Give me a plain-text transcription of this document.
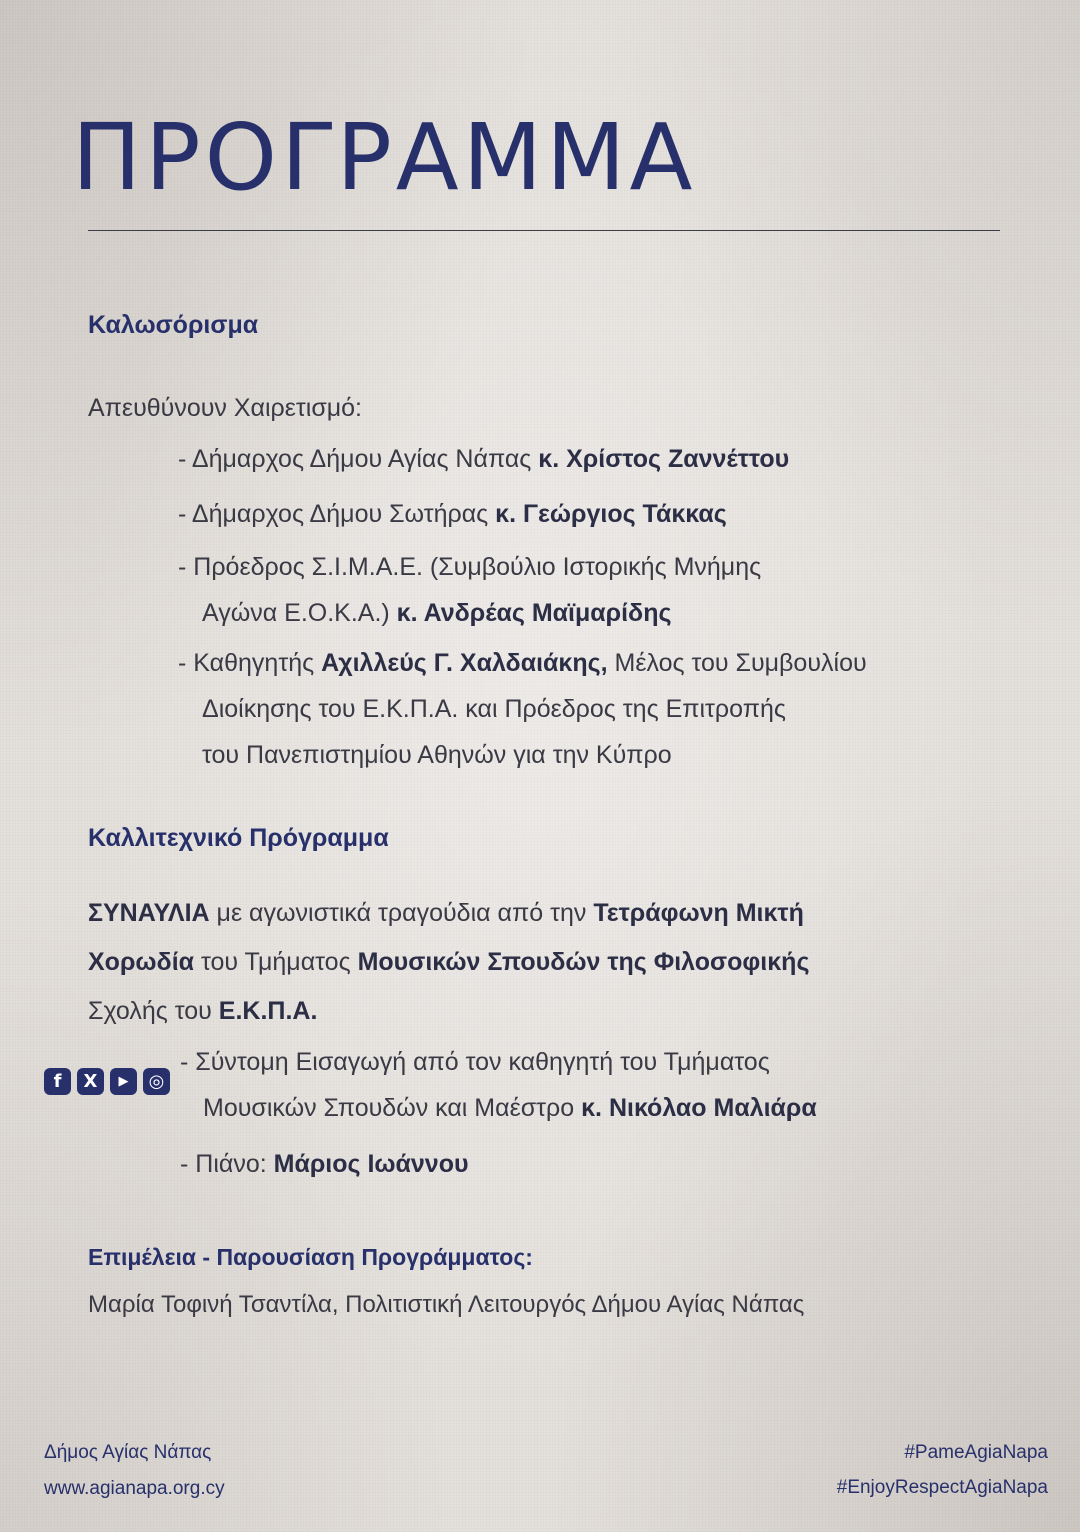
ΠΡΟΓΡΑΜΜΑ
Καλωσόρισμα
Απευθύνουν Χαιρετισμό:
- Δήμαρχος Δήμου Αγίας Νάπας κ. Χρίστος Ζαννέττου
- Δήμαρχος Δήμου Σωτήρας κ. Γεώργιος Τάκκας
- Πρόεδρος Σ.Ι.Μ.Α.Ε. (Συμβούλιο Ιστορικής Μνήμης
Αγώνα Ε.Ο.Κ.Α.) κ. Ανδρέας Μαϊμαρίδης
- Καθηγητής Αχιλλεύς Γ. Χαλδαιάκης, Μέλος του Συμβουλίου
Διοίκησης του Ε.Κ.Π.Α. και Πρόεδρος της Επιτροπής
του Πανεπιστημίου Αθηνών για την Κύπρο
Καλλιτεχνικό Πρόγραμμα
ΣΥΝΑΥΛΙΑ με αγωνιστικά τραγούδια από την Τετράφωνη Μικτή
Χορωδία του Τμήματος Μουσικών Σπουδών της Φιλοσοφικής
Σχολής του Ε.Κ.Π.Α.
- Σύντομη Εισαγωγή από τον καθηγητή του Τμήματος
Μουσικών Σπουδών και Μαέστρο κ. Νικόλαο Μαλιάρα
- Πιάνο: Μάριος Ιωάννου
Επιμέλεια - Παρουσίαση Προγράμματος:
Μαρία Τοφινή Τσαντίλα, Πολιτιστική Λειτουργός Δήμου Αγίας Νάπας
f	X	▶	◎
Δήμος Αγίας Νάπας
www.agianapa.org.cy
#PameAgiaNapa
#EnjoyRespectAgiaNapa
